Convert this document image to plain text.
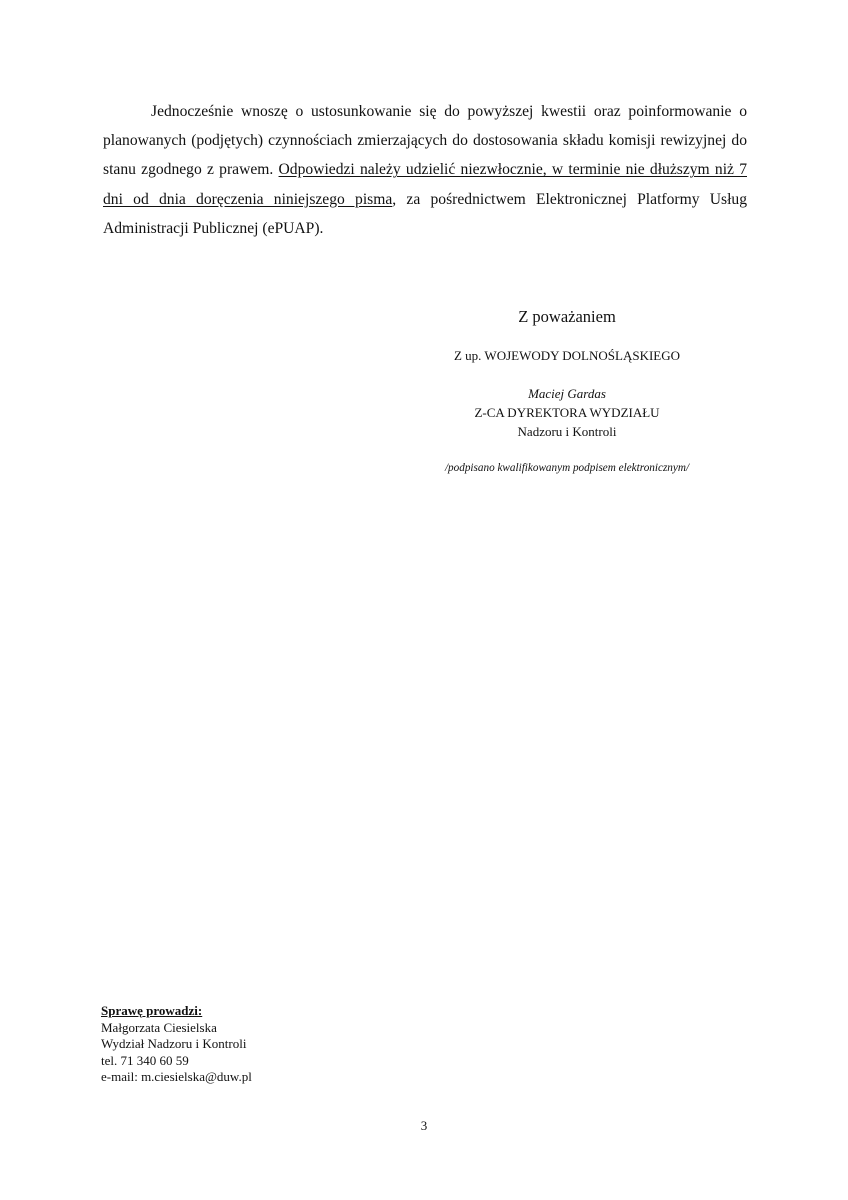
Jednocześnie wnoszę o ustosunkowanie się do powyższej kwestii oraz poinformowanie o planowanych (podjętych) czynnościach zmierzających do dostosowania składu komisji rewizyjnej do stanu zgodnego z prawem. Odpowiedzi należy udzielić niezwłocznie, w terminie nie dłuższym niż 7 dni od dnia doręczenia niniejszego pisma, za pośrednictwem Elektronicznej Platformy Usług Administracji Publicznej (ePUAP).

Z poważaniem

Z up. WOJEWODY DOLNOŚLĄSKIEGO

Maciej Gardas

Z-CA DYREKTORA WYDZIAŁU

Nadzoru i Kontroli

/podpisano kwalifikowanym podpisem elektronicznym/

Sprawę prowadzi:
Małgorzata Ciesielska
Wydział Nadzoru i Kontroli
tel. 71 340 60 59
e-mail: m.ciesielska@duw.pl

3
